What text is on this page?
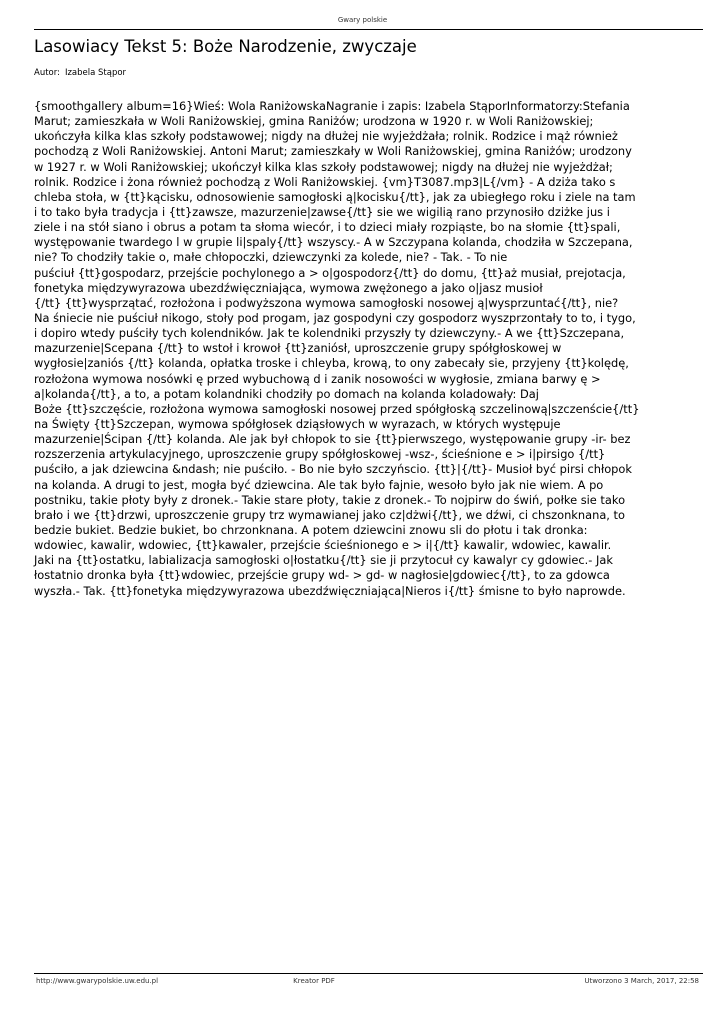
Gwary polskie
Lasowiacy Tekst 5: Boże Narodzenie, zwyczaje
Autor: Izabela Stąpor
{smoothgallery album=16}Wieś: Wola RaniżowskaNagranie i zapis: Izabela StąporInformatorzy:Stefania
Marut; zamieszkała w Woli Raniżowskiej, gmina Raniżów; urodzona w 1920 r. w Woli Raniżowskiej;
ukończyła kilka klas szkoły podstawowej; nigdy na dłużej nie wyjeżdżała; rolnik. Rodzice i mąż również
pochodzą z Woli Raniżowskiej. Antoni Marut; zamieszkały w Woli Raniżowskiej, gmina Raniżów; urodzony
w 1927 r. w Woli Raniżowskiej; ukończył kilka klas szkoły podstawowej; nigdy na dłużej nie wyjeżdżał;
rolnik. Rodzice i żona również pochodzą z Woli Raniżowskiej. {vm}T3087.mp3|L{/vm} - A dziża tako s
chleba stoła, w {tt}kącisku, odnosowienie samogłoski ą|kocisku{/tt}, jak za ubiegłego roku i ziele na tam
i to tako była tradycja i {tt}zawsze, mazurzenie|zawse{/tt} sie we wigilią rano przynosiło dziżke jus i
ziele i na stół siano i obrus a potam ta słoma wiecór, i to dzieci miały rozpiąste, bo na słomie {tt}spali,
występowanie twardego l w grupie li|spaly{/tt} wszyscy.- A w Szczypana kolanda, chodziła w Szczepana,
nie? To chodziły takie o, małe chłopoczki, dziewczynki za kolede, nie? - Tak. - To nie
puściuł {tt}gospodarz, przejście pochylonego a > o|gospodorz{/tt} do domu, {tt}aż musiał, prejotacja,
fonetyka międzywyrazowa ubezdźwięczniająca, wymowa zwężonego a jako o|jasz musioł
{/tt} {tt}wysprzątać, rozłożona i podwyższona wymowa samogłoski nosowej ą|wysprzuntać{/tt}, nie?
Na śniecie nie puściuł nikogo, stoły pod progam, jaz gospodyni czy gospodorz wyszprzontały to to, i tygo,
i dopiro wtedy puściły tych kolendników. Jak te kolendniki przyszły ty dziewczyny.- A we {tt}Szczepana,
mazurzenie|Scepana {/tt} to wstoł i krowoł {tt}zaniósł, uproszczenie grupy spółgłoskowej w
wygłosie|zaniós {/tt} kolanda, opłatka troske i chleyba, krową, to ony zabecały sie, przyjeny {tt}kolędę,
rozłożona wymowa nosówki ę przed wybuchową d i zanik nosowości w wygłosie, zmiana barwy ę >
a|kolanda{/tt}, a to, a potam kolandniki chodziły po domach na kolanda koladowały: Daj
Boże {tt}szczęście, rozłożona wymowa samogłoski nosowej przed spółgłoską szczelinową|szczenście{/tt}
na Święty {tt}Szczepan, wymowa spółgłosek dziąsłowych w wyrazach, w których występuje
mazurzenie|Ścipan {/tt} kolanda. Ale jak był chłopok to sie {tt}pierwszego, występowanie grupy -ir- bez
rozszerzenia artykulacyjnego, uproszczenie grupy spółgłoskowej -wsz-, ścieśnione e > i|pirsigo {/tt}
puściło, a jak dziewcina &ndash; nie puściło. - Bo nie było szczyńscio. {tt}|{/tt}- Musioł być pirsi chłopok
na kolanda. A drugi to jest, mogła być dziewcina. Ale tak było fajnie, wesoło było jak nie wiem. A po
postniku, takie płoty były z dronek.- Takie stare płoty, takie z dronek.- To nojpirw do świń, połke sie tako
brało i we {tt}drzwi, uproszczenie grupy trz wymawianej jako cz|dżwi{/tt}, we dźwi, ci chszonknana, to
bedzie bukiet. Bedzie bukiet, bo chrzonknana. A potem dziewcini znowu sli do płotu i tak dronka:
wdowiec, kawalir, wdowiec, {tt}kawaler, przejście ścieśnionego e > i|{/tt} kawalir, wdowiec, kawalir.
Jaki na {tt}ostatku, labializacja samogłoski o|łostatku{/tt} sie ji przytocuł cy kawalyr cy gdowiec.- Jak
łostatnio dronka była {tt}wdowiec, przejście grupy wd- > gd- w nagłosie|gdowiec{/tt}, to za gdowca
wyszła.- Tak. {tt}fonetyka międzywyrazowa ubezdźwięczniająca|Nieros i{/tt} śmisne to było naprowde.
http://www.gwarypolskie.uw.edu.pl	Kreator PDF	Utworzono 3 March, 2017, 22:58
